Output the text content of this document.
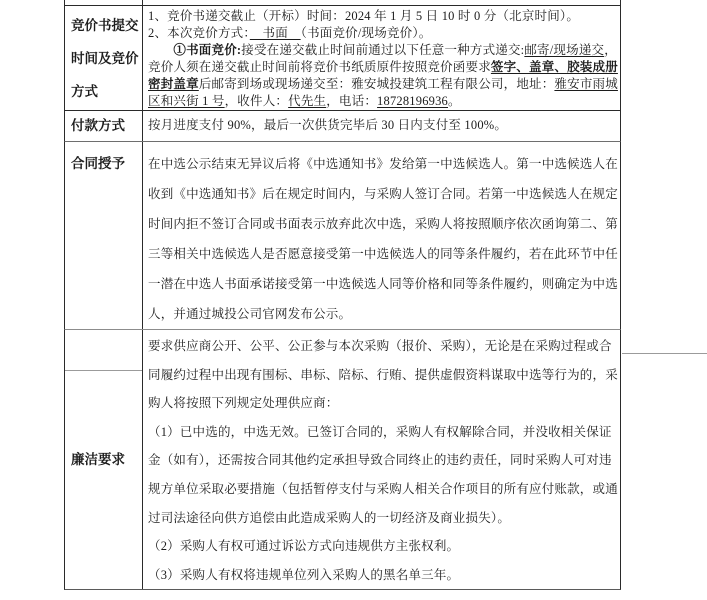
竞价书提交
时间及竞价
方式
1、竞价书递交截止（开标）时间：2024 年 1 月 5 日 10 时 0 分（北京时间）。
2、本次竞价方式：　书面　（书面竞价/现场竞价）。
　　①书面竞价:接受在递交截止时间前通过以下任意一种方式递交:邮寄/现场递交，
竞价人须在递交截止时间前将竞价书纸质原件按照竞价函要求签字、盖章、胶装成册
密封盖章后邮寄到场或现场递交至：雅安城投建筑工程有限公司，地址：雅安市雨城
区和兴街 1 号，收件人：代先生，电话：18728196936。
付款方式 按月进度支付 90%，最后一次供货完毕后 30 日内支付至 100%。
合同授予 在中选公示结束无异议后将《中选通知书》发给第一中选候选人。第一中选候选人在
收到《中选通知书》后在规定时间内，与采购人签订合同。若第一中选候选人在规定
时间内拒不签订合同或书面表示放弃此次中选，采购人将按照顺序依次函询第二、第
三等相关中选候选人是否愿意接受第一中选候选人的同等条件履约，若在此环节中任
一潜在中选人书面承诺接受第一中选候选人同等价格和同等条件履约，则确定为中选
人，并通过城投公司官网发布公示。
廉洁要求
要求供应商公开、公平、公正参与本次采购（报价、采购），无论是在采购过程或合
同履约过程中出现有围标、串标、陪标、行贿、提供虚假资料谋取中选等行为的，采
购人将按照下列规定处理供应商：
（1）已中选的，中选无效。已签订合同的，采购人有权解除合同，并没收相关保证
金（如有），还需按合同其他约定承担导致合同终止的违约责任，同时采购人可对违
规方单位采取必要措施（包括暂停支付与采购人相关合作项目的所有应付账款，或通
过司法途径向供方追偿由此造成采购人的一切经济及商业损失）。
（2）采购人有权可通过诉讼方式向违规供方主张权利。
（3）采购人有权将违规单位列入采购人的黑名单三年。
